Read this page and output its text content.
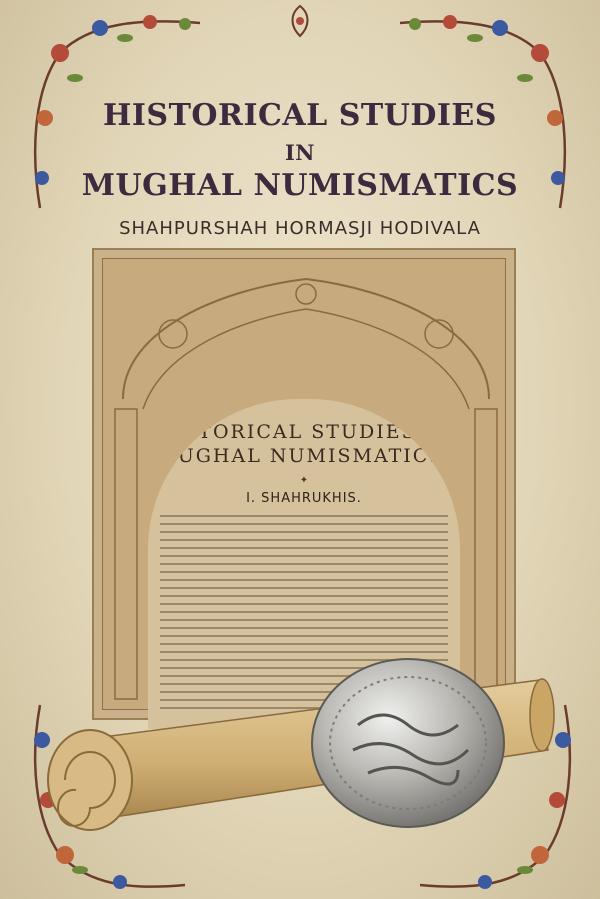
HISTORICAL STUDIES
IN
MUGHAL NUMISMATICS
SHAHPURSHAH HORMASJI HODIVALA
HISTORICAL STUDIES IN
MUGHAL NUMISMATICS.
✦
I. SHAHRUKHIS.
